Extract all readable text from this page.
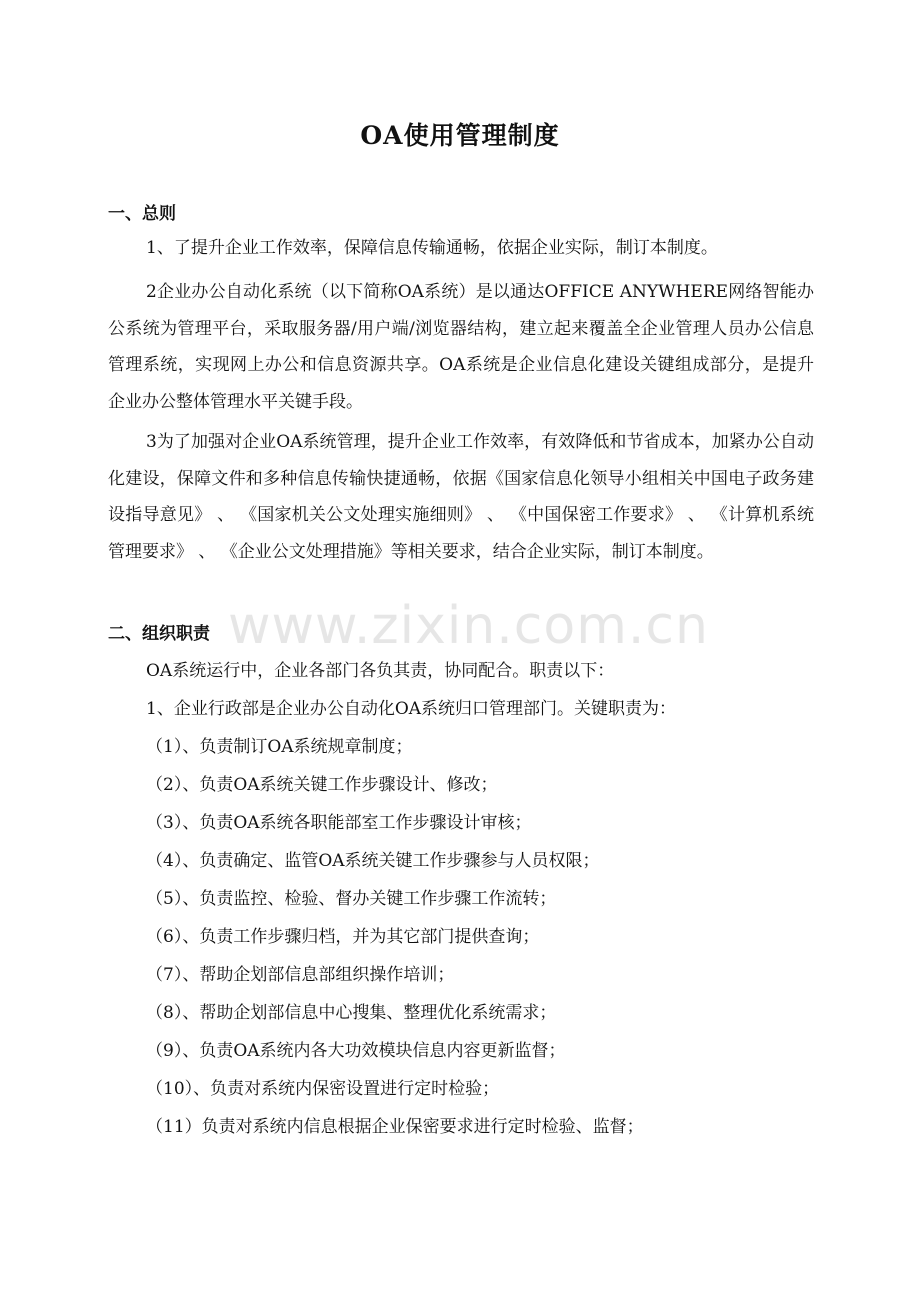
www.zixin.com.cn
OA使用管理制度
一、总则

1、了提升企业工作效率，保障信息传输通畅，依据企业实际，制订本制度。

2企业办公自动化系统（以下简称OA系统）是以通达OFFICE ANYWHERE网络智能办公系统为管理平台，采取服务器/用户端/浏览器结构，建立起来覆盖全企业管理人员办公信息管理系统，实现网上办公和信息资源共享。OA系统是企业信息化建设关键组成部分，是提升企业办公整体管理水平关键手段。

3为了加强对企业OA系统管理，提升企业工作效率，有效降低和节省成本，加紧办公自动化建设，保障文件和多种信息传输快捷通畅，依据《国家信息化领导小组相关中国电子政务建设指导意见》 、 《国家机关公文处理实施细则》 、 《中国保密工作要求》 、 《计算机系统管理要求》 、 《企业公文处理措施》等相关要求，结合企业实际，制订本制度。

二、组织职责
OA系统运行中，企业各部门各负其责，协同配合。职责以下：
1、企业行政部是企业办公自动化OA系统归口管理部门。关键职责为：
（1）、负责制订OA系统规章制度；
（2）、负责OA系统关键工作步骤设计、修改；
（3）、负责OA系统各职能部室工作步骤设计审核；
（4）、负责确定、监管OA系统关键工作步骤参与人员权限；
（5）、负责监控、检验、督办关键工作步骤工作流转；
（6）、负责工作步骤归档，并为其它部门提供查询；
（7）、帮助企划部信息部组织操作培训；
（8）、帮助企划部信息中心搜集、整理优化系统需求；
（9）、负责OA系统内各大功效模块信息内容更新监督；
（10）、负责对系统内保密设置进行定时检验；
（11）负责对系统内信息根据企业保密要求进行定时检验、监督；
